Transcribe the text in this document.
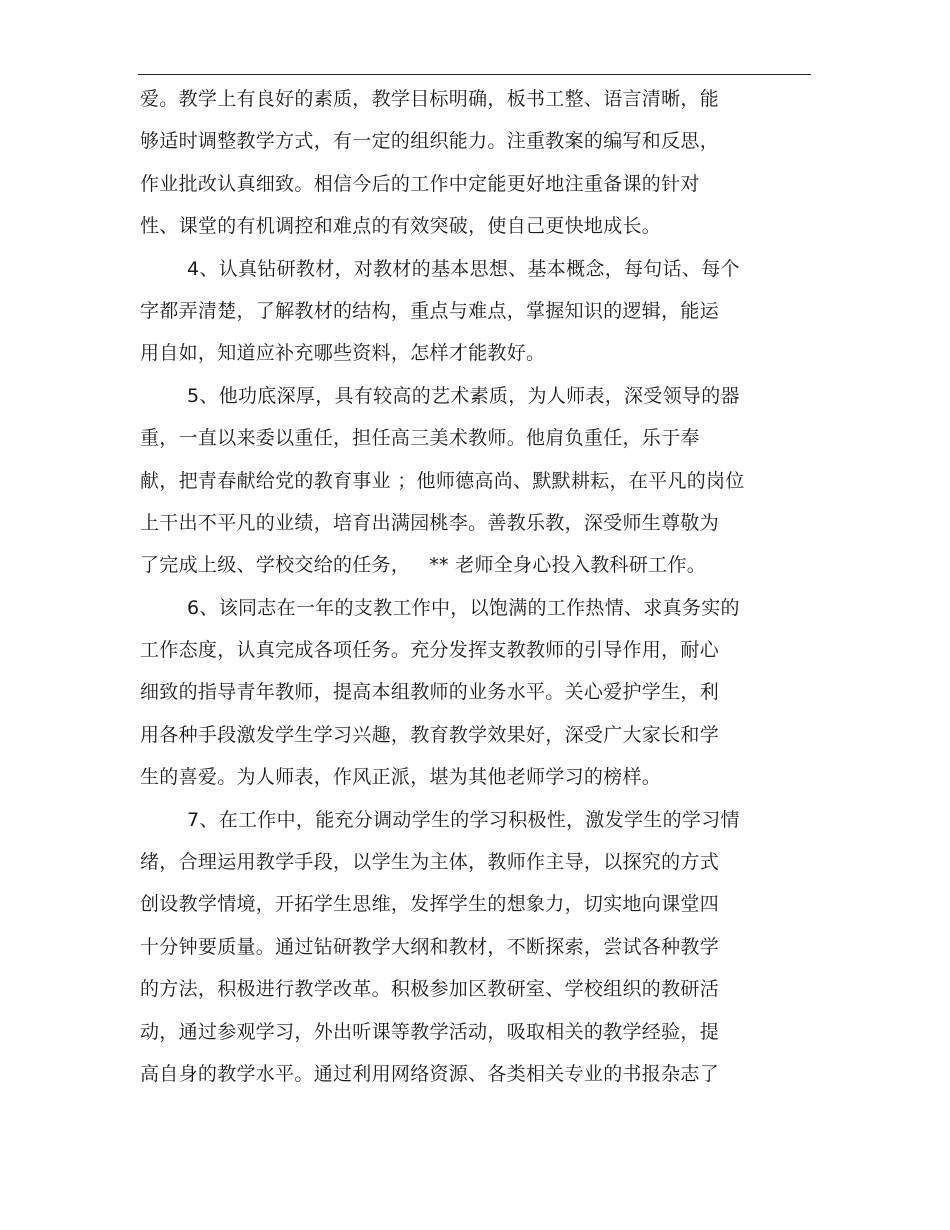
爱。教学上有良好的素质，教学目标明确，板书工整、语言清晰，能
够适时调整教学方式，有一定的组织能力。注重教案的编写和反思，
作业批改认真细致。相信今后的工作中定能更好地注重备课的针对
性、课堂的有机调控和难点的有效突破，使自己更快地成长。
4、认真钻研教材，对教材的基本思想、基本概念，每句话、每个
字都弄清楚，了解教材的结构，重点与难点，掌握知识的逻辑，能运
用自如，知道应补充哪些资料，怎样才能教好。
5、他功底深厚，具有较高的艺术素质，为人师表，深受领导的器
重，一直以来委以重任，担任高三美术教师。他肩负重任，乐于奉
献，把青春献给党的教育事业 ；他师德高尚、默默耕耘，在平凡的岗位
上干出不平凡的业绩，培育出满园桃李。善教乐教，深受师生尊敬为
了完成上级、学校交给的任务，   ** 老师全身心投入教科研工作。
6、该同志在一年的支教工作中，以饱满的工作热情、求真务实的
工作态度，认真完成各项任务。充分发挥支教教师的引导作用，耐心
细致的指导青年教师，提高本组教师的业务水平。关心爱护学生，利
用各种手段激发学生学习兴趣，教育教学效果好，深受广大家长和学
生的喜爱。为人师表，作风正派，堪为其他老师学习的榜样。
7、在工作中，能充分调动学生的学习积极性，激发学生的学习情
绪，合理运用教学手段，以学生为主体，教师作主导，以探究的方式
创设教学情境，开拓学生思维，发挥学生的想象力，切实地向课堂四
十分钟要质量。通过钻研教学大纲和教材，不断探索，尝试各种教学
的方法，积极进行教学改革。积极参加区教研室、学校组织的教研活
动，通过参观学习，外出听课等教学活动，吸取相关的教学经验，提
高自身的教学水平。通过利用网络资源、各类相关专业的书报杂志了
